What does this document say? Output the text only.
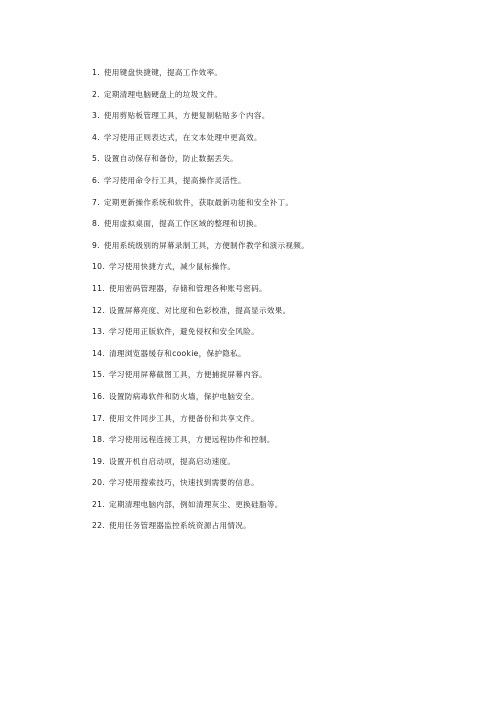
1. 使用键盘快捷键，提高工作效率。
2. 定期清理电脑硬盘上的垃圾文件。
3. 使用剪贴板管理工具，方便复制粘贴多个内容。
4. 学习使用正则表达式，在文本处理中更高效。
5. 设置自动保存和备份，防止数据丢失。
6. 学习使用命令行工具，提高操作灵活性。
7. 定期更新操作系统和软件，获取最新功能和安全补丁。
8. 使用虚拟桌面，提高工作区域的整理和切换。
9. 使用系统级别的屏幕录制工具，方便制作教学和演示视频。
10. 学习使用快捷方式，减少鼠标操作。
11. 使用密码管理器，存储和管理各种账号密码。
12. 设置屏幕亮度、对比度和色彩校准，提高显示效果。
13. 学习使用正版软件，避免侵权和安全风险。
14. 清理浏览器缓存和cookie，保护隐私。
15. 学习使用屏幕截图工具，方便捕捉屏幕内容。
16. 设置防病毒软件和防火墙，保护电脑安全。
17. 使用文件同步工具，方便备份和共享文件。
18. 学习使用远程连接工具，方便远程协作和控制。
19. 设置开机自启动项，提高启动速度。
20. 学习使用搜索技巧，快速找到需要的信息。
21. 定期清理电脑内部，例如清理灰尘、更换硅脂等。
22. 使用任务管理器监控系统资源占用情况。
